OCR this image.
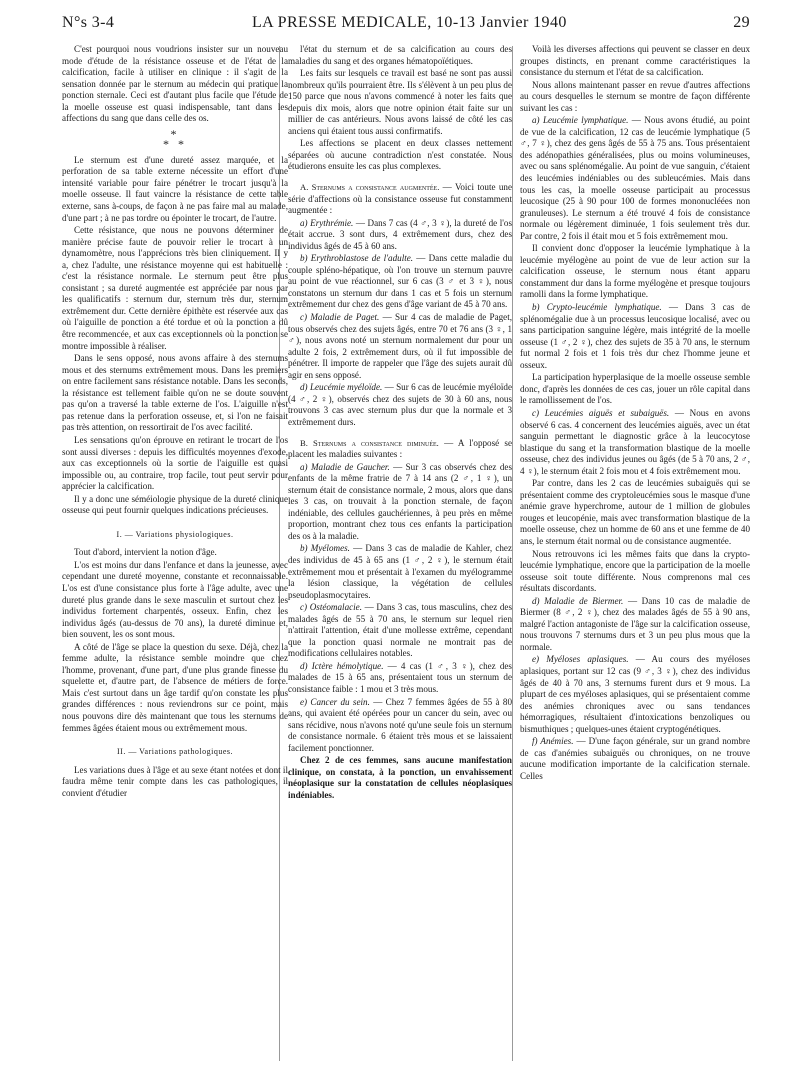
N°s 3-4	LA PRESSE MEDICALE, 10-13 Janvier 1940	29

C'est pourquoi nous voudrions insister sur un nouveau mode d'étude de la résistance osseuse et de l'état de la calcification, facile à utiliser en clinique : il s'agit de la sensation donnée par le sternum au médecin qui pratique la ponction sternale. Ceci est d'autant plus facile que l'étude de la moelle osseuse est quasi indispensable, tant dans les affections du sang que dans celle des os.

*
* *

Le sternum est d'une dureté assez marquée, et la perforation de sa table externe nécessite un effort d'une intensité variable pour faire pénétrer le trocart jusqu'à la moelle osseuse. Il faut vaincre la résistance de cette table externe, sans à-coups, de façon à ne pas faire mal au malade, d'une part ; à ne pas tordre ou épointer le trocart, de l'autre.

Cette résistance, que nous ne pouvons déterminer de manière précise faute de pouvoir relier le trocart à un dynamomètre, nous l'apprécions très bien cliniquement. Il y a, chez l'adulte, une résistance moyenne qui est habituelle : c'est la résistance normale. Le sternum peut être plus consistant ; sa dureté augmentée est appréciée par nous par les qualificatifs : sternum dur, sternum très dur, sternum extrêmement dur. Cette dernière épithète est réservée aux cas où l'aiguille de ponction a été tordue et où la ponction a dû être recommencée, et aux cas exceptionnels où la ponction se montre impossible à réaliser.

Dans le sens opposé, nous avons affaire à des sternums mous et des sternums extrêmement mous. Dans les premiers on entre facilement sans résistance notable. Dans les seconds, la résistance est tellement faible qu'on ne se doute souvent pas qu'on a traversé la table externe de l'os. L'aiguille n'est pas retenue dans la perforation osseuse, et, si l'on ne faisait pas très attention, on ressortirait de l'os avec facilité.

Les sensations qu'on éprouve en retirant le trocart de l'os sont aussi diverses : depuis les difficultés moyennes d'exode, aux cas exceptionnels où la sortie de l'aiguille est quasi impossible ou, au contraire, trop facile, tout peut servir pour apprécier la calcification.

Il y a donc une séméiologie physique de la dureté clinique osseuse qui peut fournir quelques indications précieuses.

I. — Variations physiologiques.

Tout d'abord, intervient la notion d'âge.

L'os est moins dur dans l'enfance et dans la jeunesse, avec cependant une dureté moyenne, constante et reconnaissable. L'os est d'une consistance plus forte à l'âge adulte, avec une dureté plus grande dans le sexe masculin et surtout chez les individus fortement charpentés, osseux. Enfin, chez les individus âgés (au-dessus de 70 ans), la dureté diminue et, bien souvent, les os sont mous.

A côté de l'âge se place la question du sexe. Déjà, chez la femme adulte, la résistance semble moindre que chez l'homme, provenant, d'une part, d'une plus grande finesse du squelette et, d'autre part, de l'absence de métiers de force. Mais c'est surtout dans un âge tardif qu'on constate les plus grandes différences : nous reviendrons sur ce point, mais nous pouvons dire dès maintenant que tous les sternums de femmes âgées étaient mous ou extrêmement mous.

II. — Variations pathologiques.

Les variations dues à l'âge et au sexe étant notées et dont il faudra même tenir compte dans les cas pathologiques, il convient d'étudier

l'état du sternum et de sa calcification au cours des maladies du sang et des organes hématopoïétiques.

Les faits sur lesquels ce travail est basé ne sont pas aussi nombreux qu'ils pourraient être. Ils s'élèvent à un peu plus de 150 parce que nous n'avons commencé à noter les faits que depuis dix mois, alors que notre opinion était faite sur un millier de cas antérieurs. Nous avons laissé de côté les cas anciens qui étaient tous aussi confirmatifs.

Les affections se placent en deux classes nettement séparées où aucune contradiction n'est constatée. Nous étudierons ensuite les cas plus complexes.

A. Sternums a consistance augmentée. — Voici toute une série d'affections où la consistance osseuse fut constamment augmentée :

a) Erythrémie. — Dans 7 cas (4 ♂, 3 ♀), la dureté de l'os était accrue. 3 sont durs, 4 extrêmement durs, chez des individus âgés de 45 à 60 ans.

b) Erythroblastose de l'adulte. — Dans cette maladie du couple spléno-hépatique, où l'on trouve un sternum pauvre au point de vue réactionnel, sur 6 cas (3 ♂ et 3 ♀), nous constatons un sternum dur dans 1 cas et 5 fois un sternum extrêmement dur chez des gens d'âge variant de 45 à 70 ans.

c) Maladie de Paget. — Sur 4 cas de maladie de Paget, tous observés chez des sujets âgés, entre 70 et 76 ans (3 ♀, 1 ♂), nous avons noté un sternum normalement dur pour un adulte 2 fois, 2 extrêmement durs, où il fut impossible de pénétrer. Il importe de rappeler que l'âge des sujets aurait dû agir en sens opposé.

d) Leucémie myéloïde. — Sur 6 cas de leucémie myéloïde (4 ♂, 2 ♀), observés chez des sujets de 30 à 60 ans, nous trouvons 3 cas avec sternum plus dur que la normale et 3 extrêmement durs.

B. Sternums a consistance diminuée. — A l'opposé se placent les maladies suivantes :

a) Maladie de Gaucher. — Sur 3 cas observés chez des enfants de la même fratrie de 7 à 14 ans (2 ♂, 1 ♀), un sternum était de consistance normale, 2 mous, alors que dans les 3 cas, on trouvait à la ponction sternale, de façon indéniable, des cellules gauchériennes, à peu près en même proportion, montrant chez tous ces enfants la participation des os à la maladie.

b) Myélomes. — Dans 3 cas de maladie de Kahler, chez des individus de 45 à 65 ans (1 ♂, 2 ♀), le sternum était extrêmement mou et présentait à l'examen du myélogramme la lésion classique, la végétation de cellules pseudoplasmocytaires.

c) Ostéomalacie. — Dans 3 cas, tous masculins, chez des malades âgés de 55 à 70 ans, le sternum sur lequel rien n'attirait l'attention, était d'une mollesse extrême, cependant que la ponction quasi normale ne montrait pas de modifications cellulaires notables.

d) Ictère hémolytique. — 4 cas (1 ♂, 3 ♀), chez des malades de 15 à 65 ans, présentaient tous un sternum de consistance faible : 1 mou et 3 très mous.

e) Cancer du sein. — Chez 7 femmes âgées de 55 à 80 ans, qui avaient été opérées pour un cancer du sein, avec ou sans récidive, nous n'avons noté qu'une seule fois un sternum de consistance normale. 6 étaient très mous et se laissaient facilement ponctionner.

Chez 2 de ces femmes, sans aucune manifestation clinique, on constata, à la ponction, un envahissement néoplasique sur la constatation de cellules néoplasiques indéniables.

Voilà les diverses affections qui peuvent se classer en deux groupes distincts, en prenant comme caractéristiques la consistance du sternum et l'état de sa calcification.

Nous allons maintenant passer en revue d'autres affections au cours desquelles le sternum se montre de façon différente suivant les cas :

a) Leucémie lymphatique. — Nous avons étudié, au point de vue de la calcification, 12 cas de leucémie lymphatique (5 ♂, 7 ♀), chez des gens âgés de 55 à 75 ans. Tous présentaient des adénopathies généralisées, plus ou moins volumineuses, avec ou sans splénomégalie. Au point de vue sanguin, c'étaient des leucémies indéniables ou des subleucémies. Mais dans tous les cas, la moelle osseuse participait au processus leucosique (25 à 90 pour 100 de formes mononucléées non granuleuses). Le sternum a été trouvé 4 fois de consistance normale ou légèrement diminuée, 1 fois seulement très dur. Par contre, 2 fois il était mou et 5 fois extrêmement mou.

Il convient donc d'opposer la leucémie lymphatique à la leucémie myélogène au point de vue de leur action sur la calcification osseuse, le sternum nous étant apparu constamment dur dans la forme myélogène et presque toujours ramolli dans la forme lymphatique.

b) Crypto-leucémie lymphatique. — Dans 3 cas de splénomégalie due à un processus leucosique localisé, avec ou sans participation sanguine légère, mais intégrité de la moelle osseuse (1 ♂, 2 ♀), chez des sujets de 35 à 70 ans, le sternum fut normal 2 fois et 1 fois très dur chez l'homme jeune et osseux.

La participation hyperplasique de la moelle osseuse semble donc, d'après les données de ces cas, jouer un rôle capital dans le ramollissement de l'os.

c) Leucémies aiguës et subaiguës. — Nous en avons observé 6 cas. 4 concernent des leucémies aiguës, avec un état sanguin permettant le diagnostic grâce à la leucocytose blastique du sang et la transformation blastique de la moelle osseuse, chez des individus jeunes ou âgés (de 5 à 70 ans, 2 ♂, 4 ♀), le sternum était 2 fois mou et 4 fois extrêmement mou.

Par contre, dans les 2 cas de leucémies subaiguës qui se présentaient comme des cryptoleucémies sous le masque d'une anémie grave hyperchrome, autour de 1 million de globules rouges et leucopénie, mais avec transformation blastique de la moelle osseuse, chez un homme de 60 ans et une femme de 40 ans, le sternum était normal ou de consistance augmentée.

Nous retrouvons ici les mêmes faits que dans la crypto-leucémie lymphatique, encore que la participation de la moelle osseuse soit toute différente. Nous comprenons mal ces résultats discordants.

d) Maladie de Biermer. — Dans 10 cas de maladie de Biermer (8 ♂, 2 ♀), chez des malades âgés de 55 à 90 ans, malgré l'action antagoniste de l'âge sur la calcification osseuse, nous trouvons 7 sternums durs et 3 un peu plus mous que la normale.

e) Myéloses aplasiques. — Au cours des myéloses aplasiques, portant sur 12 cas (9 ♂, 3 ♀), chez des individus âgés de 40 à 70 ans, 3 sternums furent durs et 9 mous. La plupart de ces myéloses aplasiques, qui se présentaient comme des anémies chroniques avec ou sans tendances hémorragiques, résultaient d'intoxications benzoliques ou bismuthiques ; quelques-unes étaient cryptogénétiques.

f) Anémies. — D'une façon générale, sur un grand nombre de cas d'anémies subaiguës ou chroniques, on ne trouve aucune modification importante de la calcification sternale. Celles
